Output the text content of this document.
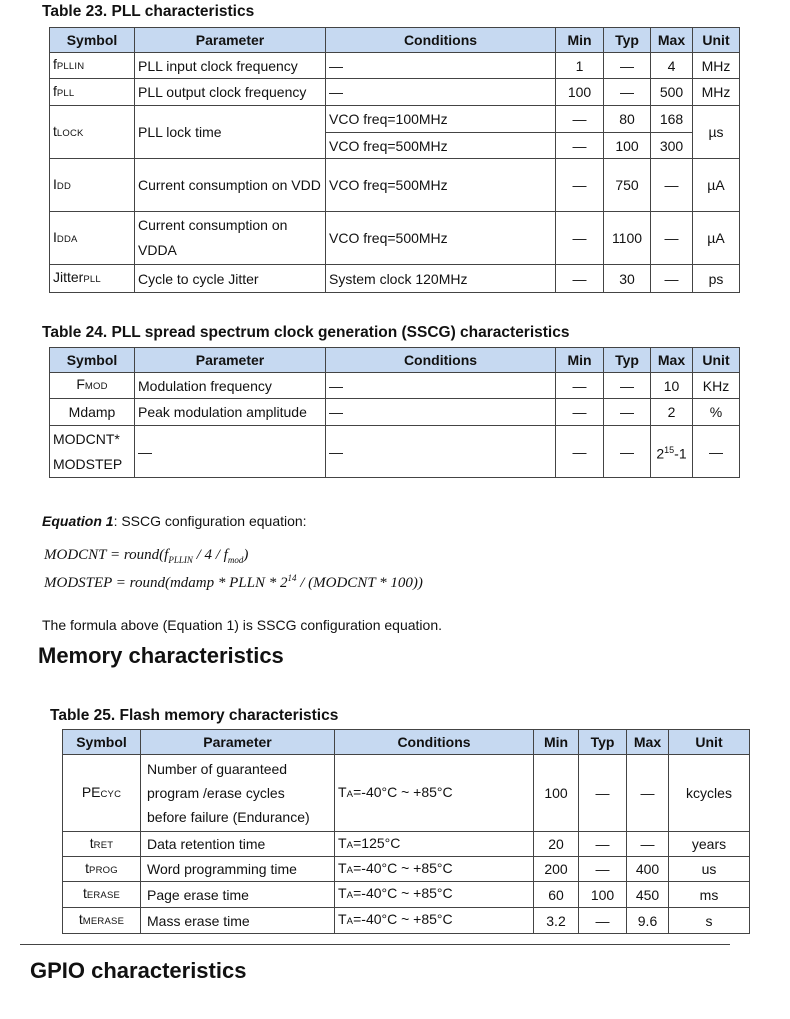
Table 23. PLL characteristics
Symbol	Parameter	Conditions	Min	Typ	Max	Unit
fPLLIN	PLL input clock frequency	—	1	—	4	MHz
fPLL	PLL output clock frequency	—	100	—	500	MHz
tLOCK	PLL lock time	VCO freq=100MHz	—	80	168	µs
		VCO freq=500MHz	—	100	300	
IDD	Current consumption on VDD	VCO freq=500MHz	—	750	—	µA
IDDA	Current consumption on VDDA	VCO freq=500MHz	—	1100	—	µA
JitterPLL	Cycle to cycle Jitter	System clock 120MHz	—	30	—	ps
Table 24. PLL spread spectrum clock generation (SSCG) characteristics
Symbol	Parameter	Conditions	Min	Typ	Max	Unit
FMOD	Modulation frequency	—	—	—	10	KHz
Mdamp	Peak modulation amplitude	—	—	—	2	%
MODCNT*
MODSTEP	—	—	—	—	$2^{15}-1$	—
Equation 1: SSCG configuration equation:
MODCNT = $round(f_{PLLIN} / 4 / f_{mod})$
MODSTEP = round(mdamp * PLLN * $2^{14}$ / (MODCNT * 100))
The formula above (Equation 1) is SSCG configuration equation.
Memory characteristics
Table 25. Flash memory characteristics
Symbol	Parameter	Conditions	Min	Typ	Max	Unit
PECYC	Number of guaranteed
program /erase cycles
before failure (Endurance)	TA=-40°C ~ +85°C	100	—	—	kcycles
tRET	Data retention time	TA=125°C	20	—	—	years
tPROG	Word programming time	TA=-40°C ~ +85°C	200	—	400	us
tERASE	Page erase time	TA=-40°C ~ +85°C	60	100	450	ms
tMERASE	Mass erase time	TA=-40°C ~ +85°C	3.2	—	9.6	s
GPIO characteristics
